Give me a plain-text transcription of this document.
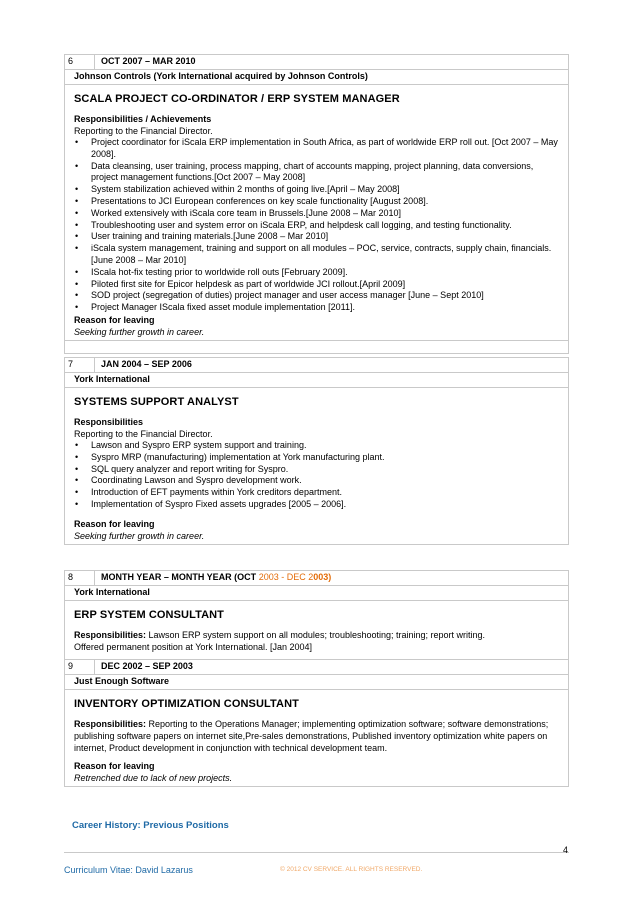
6	OCT 2007 – MAR 2010
Johnson Controls (York International acquired by Johnson Controls)
SCALA PROJECT CO-ORDINATOR / ERP SYSTEM MANAGER
Responsibilities / Achievements
Reporting to the Financial Director.
• Project coordinator for iScala ERP implementation in South Africa, as part of worldwide ERP roll out. [Oct 2007 – May 2008].
• Data cleansing, user training, process mapping, chart of accounts mapping, project planning, data conversions, project management functions.[Oct 2007 – May 2008]
• System stabilization achieved within 2 months of going live.[April – May 2008]
• Presentations to JCI European conferences on key scale functionality [August 2008].
• Worked extensively with iScala core team in Brussels.[June 2008 – Mar 2010]
• Troubleshooting user and system error on iScala ERP, and helpdesk call logging, and testing functionality.
• User training and training materials.[June 2008 – Mar 2010]
• iScala system management, training and support on all modules – POC, service, contracts, supply chain, financials.[June 2008 – Mar 2010]
• IScala hot-fix testing prior to worldwide roll outs [February 2009].
• Piloted first site for Epicor helpdesk as part of worldwide JCI rollout.[April 2009]
• SOD project (segregation of duties) project manager and user access manager [June – Sept 2010]
• Project Manager IScala fixed asset module implementation [2011].
Reason for leaving
Seeking further growth in career.
7	JAN 2004 – SEP 2006
York International
SYSTEMS SUPPORT ANALYST
Responsibilities
Reporting to the Financial Director.
• Lawson and Syspro ERP system support and training.
• Syspro MRP (manufacturing) implementation at York manufacturing plant.
• SQL query analyzer and report writing for Syspro.
• Coordinating Lawson and Syspro development work.
• Introduction of EFT payments within York creditors department.
• Implementation of Syspro Fixed assets upgrades [2005 – 2006].
Reason for leaving
Seeking further growth in career.
8	MONTH YEAR – MONTH YEAR (OCT 2003 - DEC 2003)
York International
ERP SYSTEM CONSULTANT
Responsibilities: Lawson ERP system support on all modules; troubleshooting; training; report writing.
Offered permanent position at York International. [Jan 2004]
9	DEC 2002 – SEP 2003
Just Enough Software
INVENTORY OPTIMIZATION CONSULTANT
Responsibilities: Reporting to the Operations Manager; implementing optimization software; software demonstrations; publishing software papers on internet site,Pre-sales demonstrations, Published inventory optimization white papers on internet, Product development in conjunction with technical development team.
Reason for leaving
Retrenched due to lack of new projects.
Career History: Previous Positions
4
Curriculum Vitae: David Lazarus	© 2012 CV SERVICE. ALL RIGHTS RESERVED.
